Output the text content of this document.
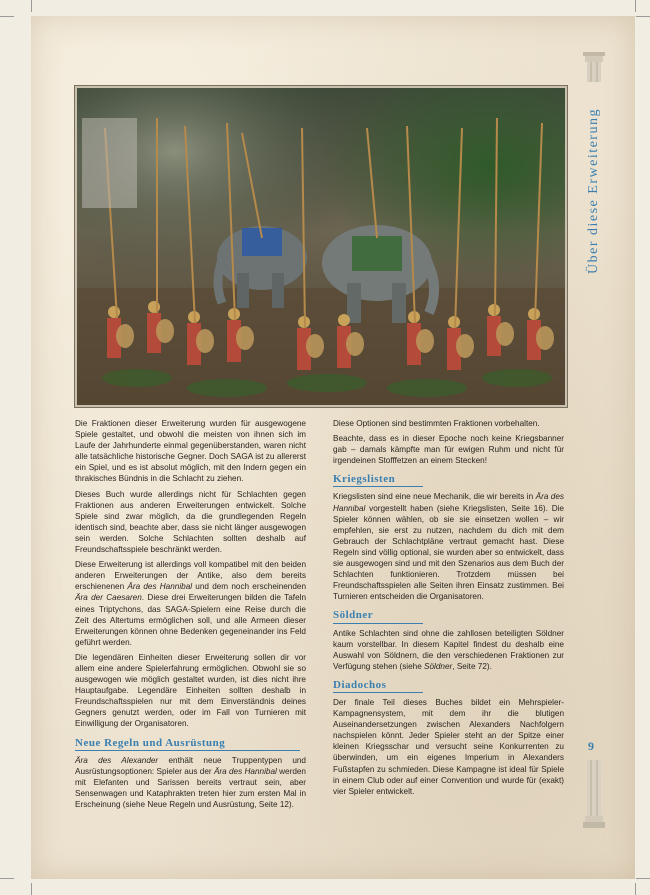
Über diese Erweiterung
9

Die Fraktionen dieser Erweiterung wurden für ausgewogene Spiele gestaltet, und obwohl die meisten von ihnen sich im Laufe der Jahrhunderte einmal gegenüberstanden, waren nicht alle tatsächliche historische Gegner. Doch SAGA ist zu allererst ein Spiel, und es ist absolut möglich, mit den Indern gegen ein thrakisches Bündnis in die Schlacht zu ziehen.

Dieses Buch wurde allerdings nicht für Schlachten gegen Fraktionen aus anderen Erweiterungen entwickelt. Solche Spiele sind zwar möglich, da die grundlegenden Regeln identisch sind, beachte aber, dass sie nicht länger ausgewogen sein werden. Solche Schlachten sollten deshalb auf Freundschaftsspiele beschränkt werden.

Diese Erweiterung ist allerdings voll kompatibel mit den beiden anderen Erweiterungen der Antike, also dem bereits erschienenen Ära des Hannibal und dem noch erscheinenden Ära der Caesaren. Diese drei Erweiterungen bilden die Tafeln eines Triptychons, das SAGA-Spielern eine Reise durch die Zeit des Altertums ermöglichen soll, und alle Armeen dieser Erweiterungen können ohne Bedenken gegeneinander ins Feld geführt werden.

Die legendären Einheiten dieser Erweiterung sollen dir vor allem eine andere Spielerfahrung ermöglichen. Obwohl sie so ausgewogen wie möglich gestaltet wurden, ist dies nicht ihre Hauptaufgabe. Legendäre Einheiten sollten deshalb in Freundschaftsspielen nur mit dem Einverständnis deines Gegners genutzt werden, oder im Fall von Turnieren mit Einwilligung der Organisatoren.

Neue Regeln und Ausrüstung

Ära des Alexander enthält neue Truppentypen und Ausrüstungsoptionen: Spieler aus der Ära des Hannibal werden mit Elefanten und Sarissen bereits vertraut sein, aber Sensenwagen und Kataphrakten treten hier zum ersten Mal in Erscheinung (siehe Neue Regeln und Ausrüstung, Seite 12).

Diese Optionen sind bestimmten Fraktionen vorbehalten.

Beachte, dass es in dieser Epoche noch keine Kriegsbanner gab – damals kämpfte man für ewigen Ruhm und nicht für irgendeinen Stofffetzen an einem Stecken!

Kriegslisten

Kriegslisten sind eine neue Mechanik, die wir bereits in Ära des Hannibal vorgestellt haben (siehe Kriegslisten, Seite 16). Die Spieler können wählen, ob sie sie einsetzen wollen – wir empfehlen, sie erst zu nutzen, nachdem du dich mit dem Gebrauch der Schlachtpläne vertraut gemacht hast. Diese Regeln sind völlig optional, sie wurden aber so entwickelt, dass sie ausgewogen sind und mit den Szenarios aus dem Buch der Schlachten funktionieren. Trotzdem müssen bei Freundschaftsspielen alle Seiten ihren Einsatz zustimmen. Bei Turnieren entscheiden die Organisatoren.

Söldner

Antike Schlachten sind ohne die zahllosen beteiligten Söldner kaum vorstellbar. In diesem Kapitel findest du deshalb eine Auswahl von Söldnern, die den verschiedenen Fraktionen zur Verfügung stehen (siehe Söldner, Seite 72).

Diadochos

Der finale Teil dieses Buches bildet ein Mehrspieler-Kampagnensystem, mit dem ihr die blutigen Auseinandersetzungen zwischen Alexanders Nachfolgern nachspielen könnt. Jeder Spieler steht an der Spitze einer kleinen Kriegsschar und versucht seine Konkurrenten zu überwinden, um ein eigenes Imperium in Alexanders Fußstapfen zu schmieden. Diese Kampagne ist ideal für Spiele in einem Club oder auf einer Convention und wurde für (exakt) vier Spieler entwickelt.
